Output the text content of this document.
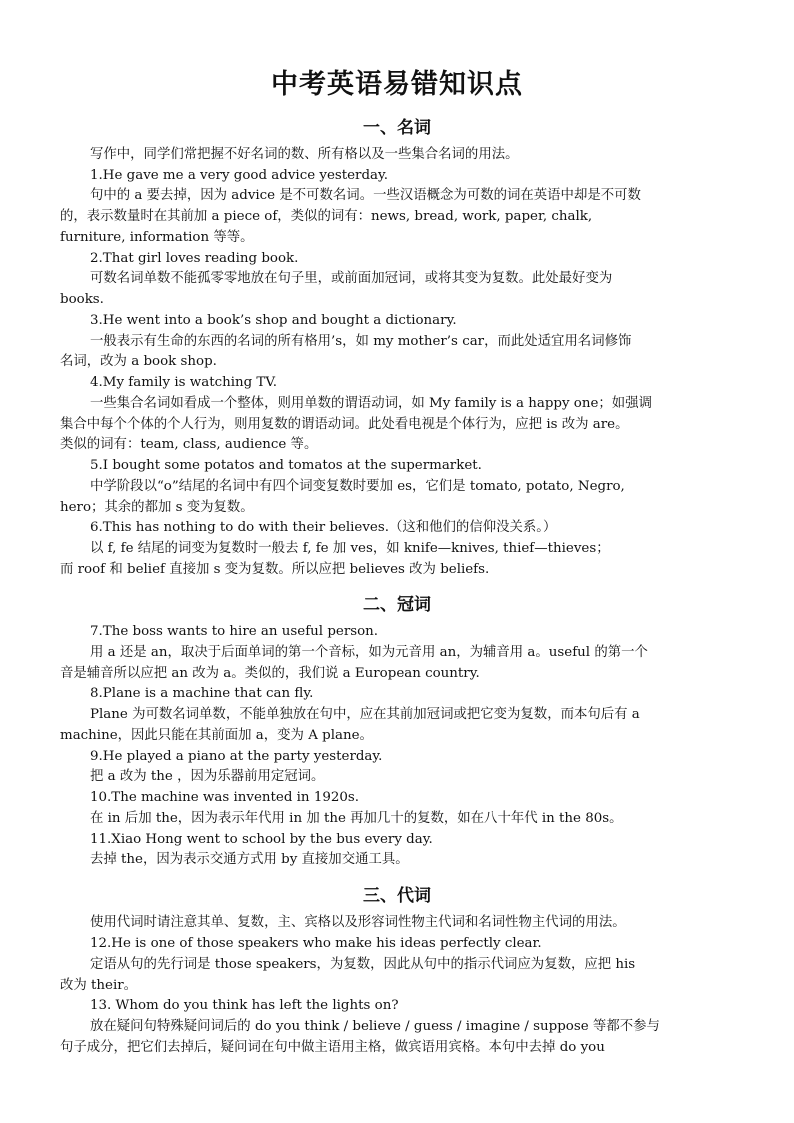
中考英语易错知识点
一、名词
写作中，同学们常把握不好名词的数、所有格以及一些集合名词的用法。
1.He gave me a very good advice yesterday.
句中的 a 要去掉，因为 advice 是不可数名词。一些汉语概念为可数的词在英语中却是不可数
的，表示数量时在其前加 a piece of，类似的词有：news, bread, work, paper, chalk,
furniture, information 等等。
2.That girl loves reading book.
可数名词单数不能孤零零地放在句子里，或前面加冠词，或将其变为复数。此处最好变为
books.
3.He went into a book’s shop and bought a dictionary.
一般表示有生命的东西的名词的所有格用’s，如 my mother’s car，而此处适宜用名词修饰
名词，改为 a book shop.
4.My family is watching TV.
一些集合名词如看成一个整体，则用单数的谓语动词，如 My family is a happy one；如强调
集合中每个个体的个人行为，则用复数的谓语动词。此处看电视是个体行为，应把 is 改为 are。
类似的词有：team, class, audience 等。
5.I bought some potatos and tomatos at the supermarket.
中学阶段以“o”结尾的名词中有四个词变复数时要加 es，它们是 tomato, potato, Negro,
hero；其余的都加 s 变为复数。
6.This has nothing to do with their believes.（这和他们的信仰没关系。）
以 f, fe 结尾的词变为复数时一般去 f, fe 加 ves，如 knife—knives, thief—thieves；
而 roof 和 belief 直接加 s 变为复数。所以应把 believes 改为 beliefs.
二、冠词
7.The boss wants to hire an useful person.
用 a 还是 an，取决于后面单词的第一个音标，如为元音用 an，为辅音用 a。useful 的第一个
音是辅音所以应把 an 改为 a。类似的，我们说 a European country.
8.Plane is a machine that can fly.
Plane 为可数名词单数，不能单独放在句中，应在其前加冠词或把它变为复数，而本句后有 a
machine，因此只能在其前面加 a，变为 A plane。
9.He played a piano at the party yesterday.
把 a 改为 the ，因为乐器前用定冠词。
10.The machine was invented in 1920s.
在 in 后加 the，因为表示年代用 in 加 the 再加几十的复数，如在八十年代 in the 80s。
11.Xiao Hong went to school by the bus every day.
去掉 the，因为表示交通方式用 by 直接加交通工具。
三、代词
使用代词时请注意其单、复数，主、宾格以及形容词性物主代词和名词性物主代词的用法。
12.He is one of those speakers who make his ideas perfectly clear.
定语从句的先行词是 those speakers，为复数，因此从句中的指示代词应为复数，应把 his
改为 their。
13. Whom do you think has left the lights on?
放在疑问句特殊疑问词后的 do you think / believe / guess / imagine / suppose 等都不参与
句子成分，把它们去掉后，疑问词在句中做主语用主格，做宾语用宾格。本句中去掉 do you
